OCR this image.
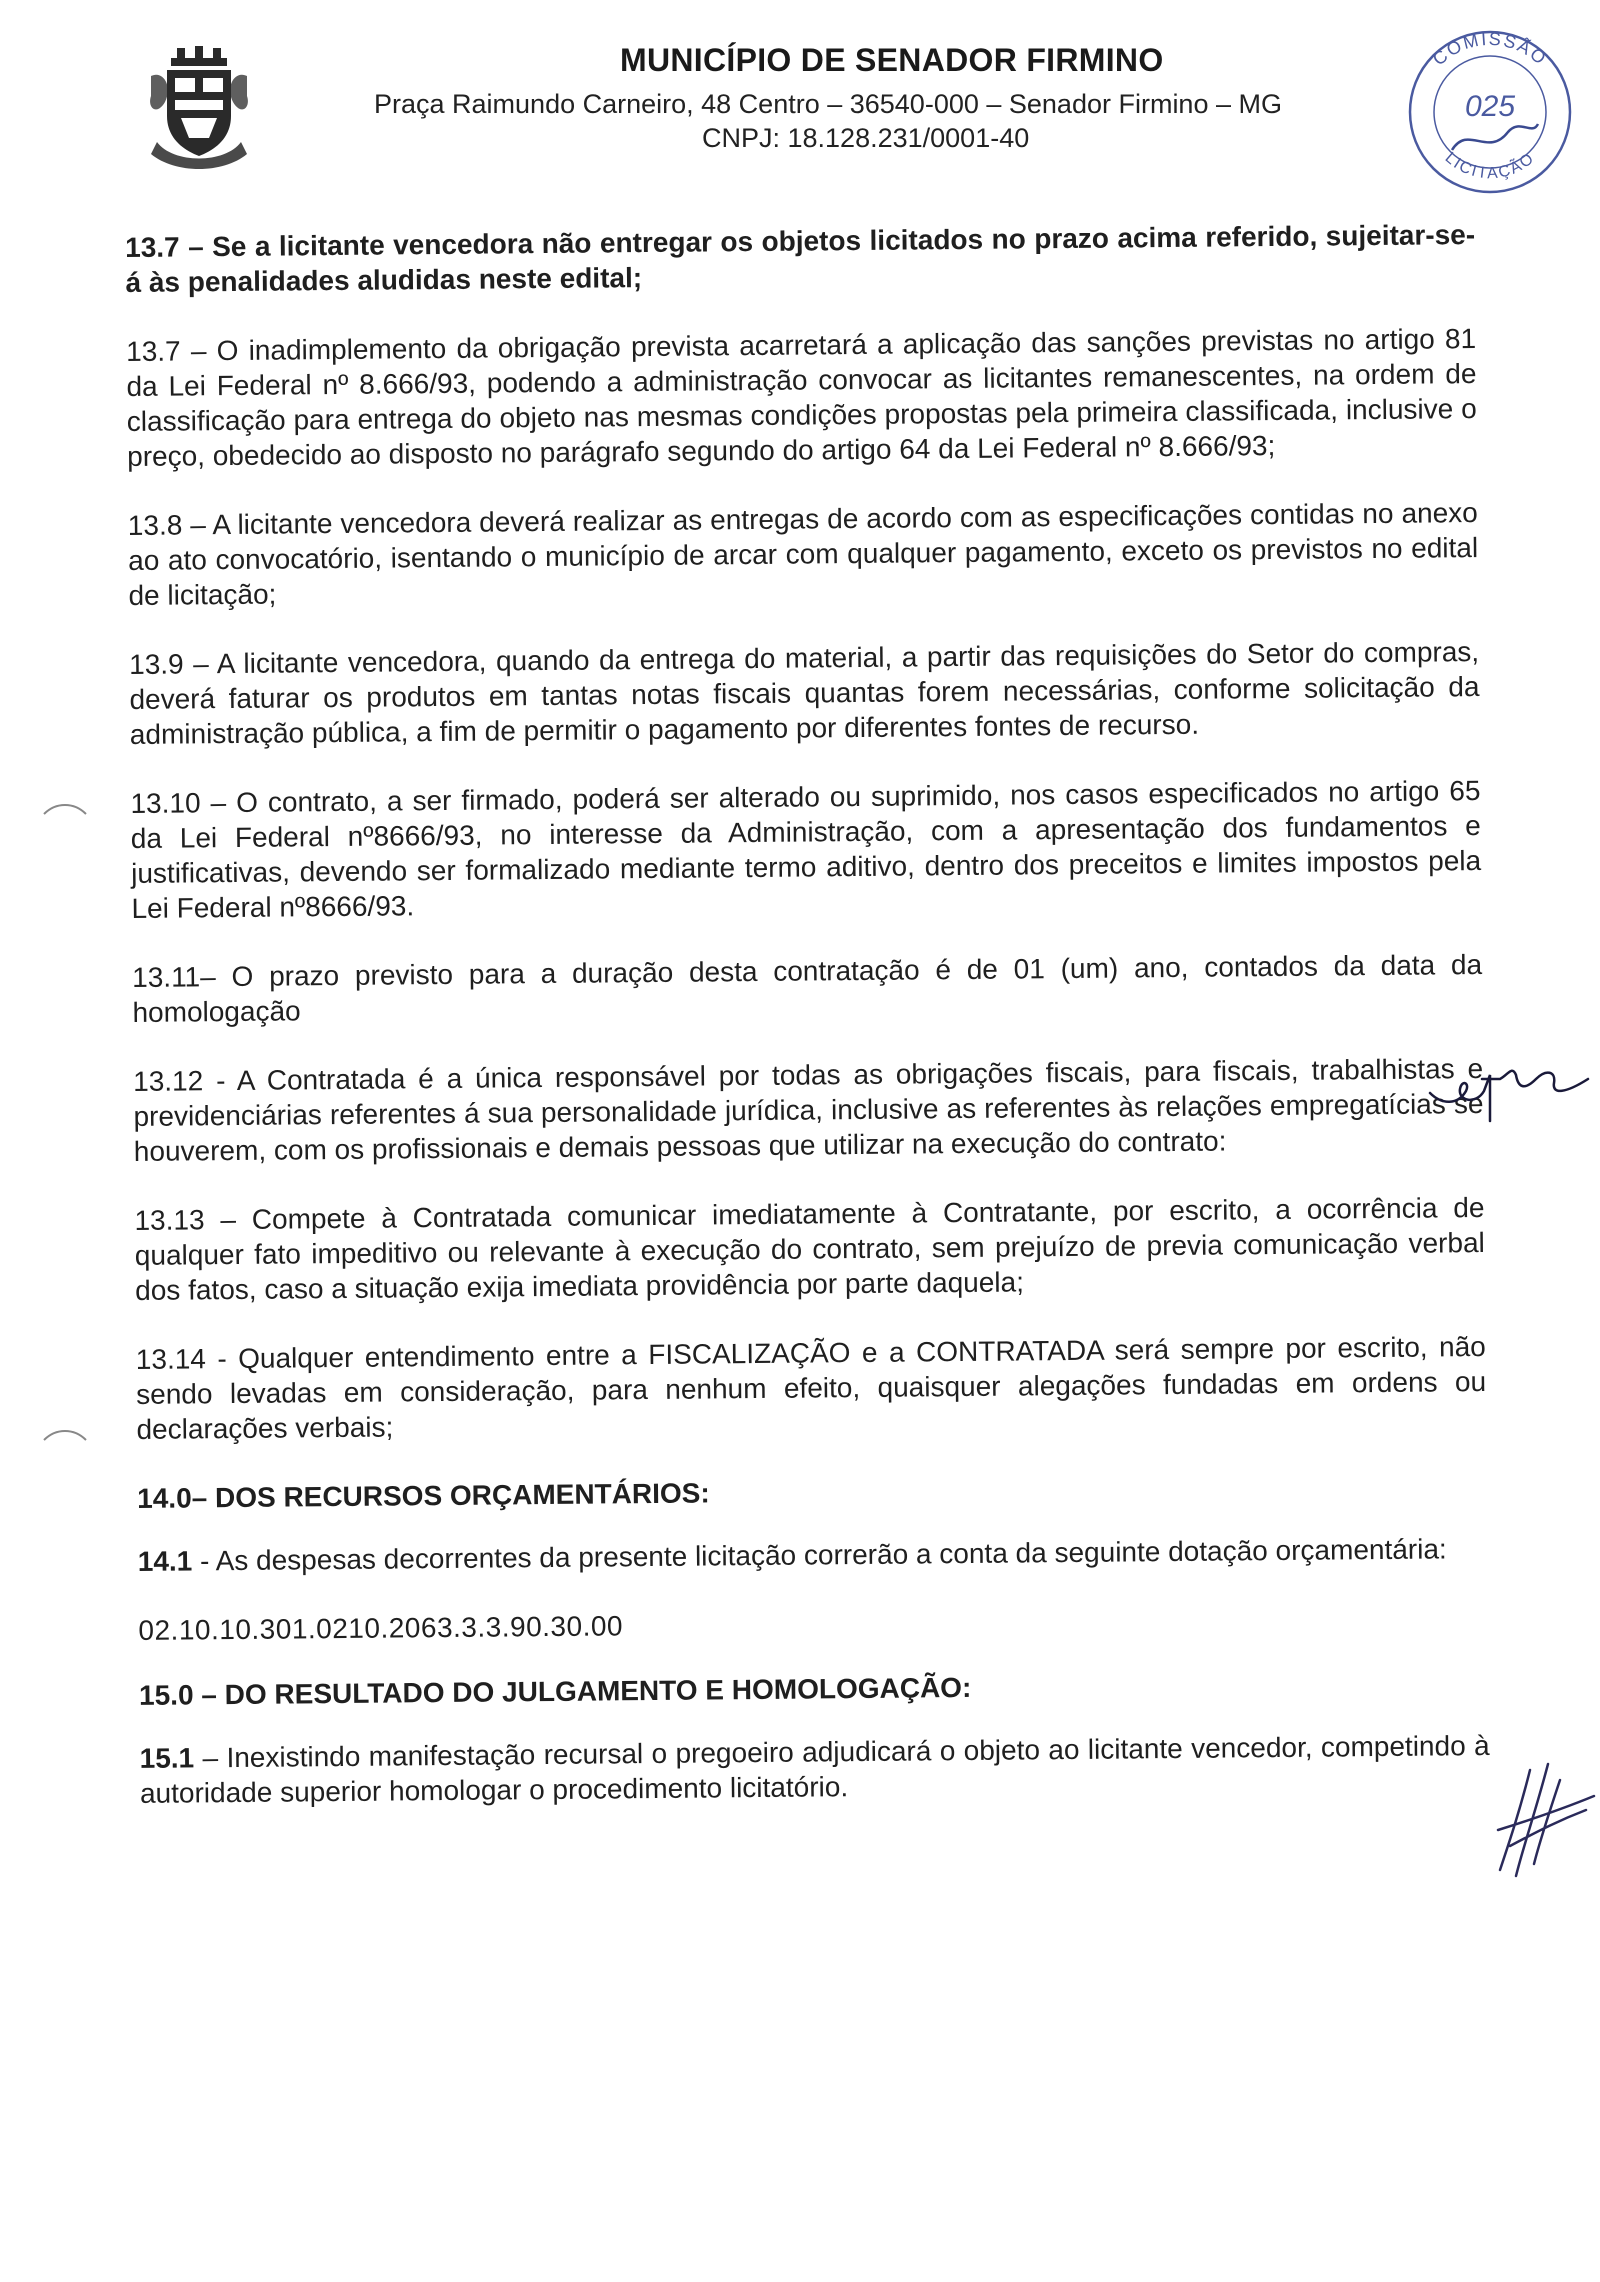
MUNICÍPIO DE SENADOR FIRMINO
Praça Raimundo Carneiro, 48 Centro – 36540-000 – Senador Firmino – MG
CNPJ: 18.128.231/0001-40
COMISSÃO
LICITAÇÃO
025

13.7 – Se a licitante vencedora não entregar os objetos licitados no prazo acima referido, sujeitar-se-á às penalidades aludidas neste edital;

13.7 – O inadimplemento da obrigação prevista acarretará a aplicação das sanções previstas no artigo 81 da Lei Federal nº 8.666/93, podendo a administração convocar as licitantes remanescentes, na ordem de classificação para entrega do objeto nas mesmas condições propostas pela primeira classificada, inclusive o preço, obedecido ao disposto no parágrafo segundo do artigo 64 da Lei Federal nº 8.666/93;

13.8 – A licitante vencedora deverá realizar as entregas de acordo com as especificações contidas no anexo ao ato convocatório, isentando o município de arcar com qualquer pagamento, exceto os previstos no edital de licitação;

13.9 – A licitante vencedora, quando da entrega do material, a partir das requisições do Setor do compras, deverá faturar os produtos em tantas notas fiscais quantas forem necessárias, conforme solicitação da administração pública, a fim de permitir o pagamento por diferentes fontes de recurso.

13.10 – O contrato, a ser firmado, poderá ser alterado ou suprimido, nos casos especificados no artigo 65 da Lei Federal nº8666/93, no interesse da Administração, com a apresentação dos fundamentos e justificativas, devendo ser formalizado mediante termo aditivo, dentro dos preceitos e limites impostos pela Lei Federal nº8666/93.

13.11– O prazo previsto para a duração desta contratação é de 01 (um) ano, contados da data da homologação

13.12 - A Contratada é a única responsável por todas as obrigações fiscais, para fiscais, trabalhistas e previdenciárias referentes á sua personalidade jurídica, inclusive as referentes às relações empregatícias se houverem, com os profissionais e demais pessoas que utilizar na execução do contrato:

13.13 – Compete à Contratada comunicar imediatamente à Contratante, por escrito, a ocorrência de qualquer fato impeditivo ou relevante à execução do contrato, sem prejuízo de previa comunicação verbal dos fatos, caso a situação exija imediata providência por parte daquela;

13.14 - Qualquer entendimento entre a FISCALIZAÇÃO e a CONTRATADA será sempre por escrito, não sendo levadas em consideração, para nenhum efeito, quaisquer alegações fundadas em ordens ou declarações verbais;

14.0– DOS RECURSOS ORÇAMENTÁRIOS:

14.1 - As despesas decorrentes da presente licitação correrão a conta da seguinte dotação orçamentária:

02.10.10.301.0210.2063.3.3.90.30.00
15.0 – DO RESULTADO DO JULGAMENTO E HOMOLOGAÇÃO:

15.1 – Inexistindo manifestação recursal o pregoeiro adjudicará o objeto ao licitante vencedor, competindo à autoridade superior homologar o procedimento licitatório.
